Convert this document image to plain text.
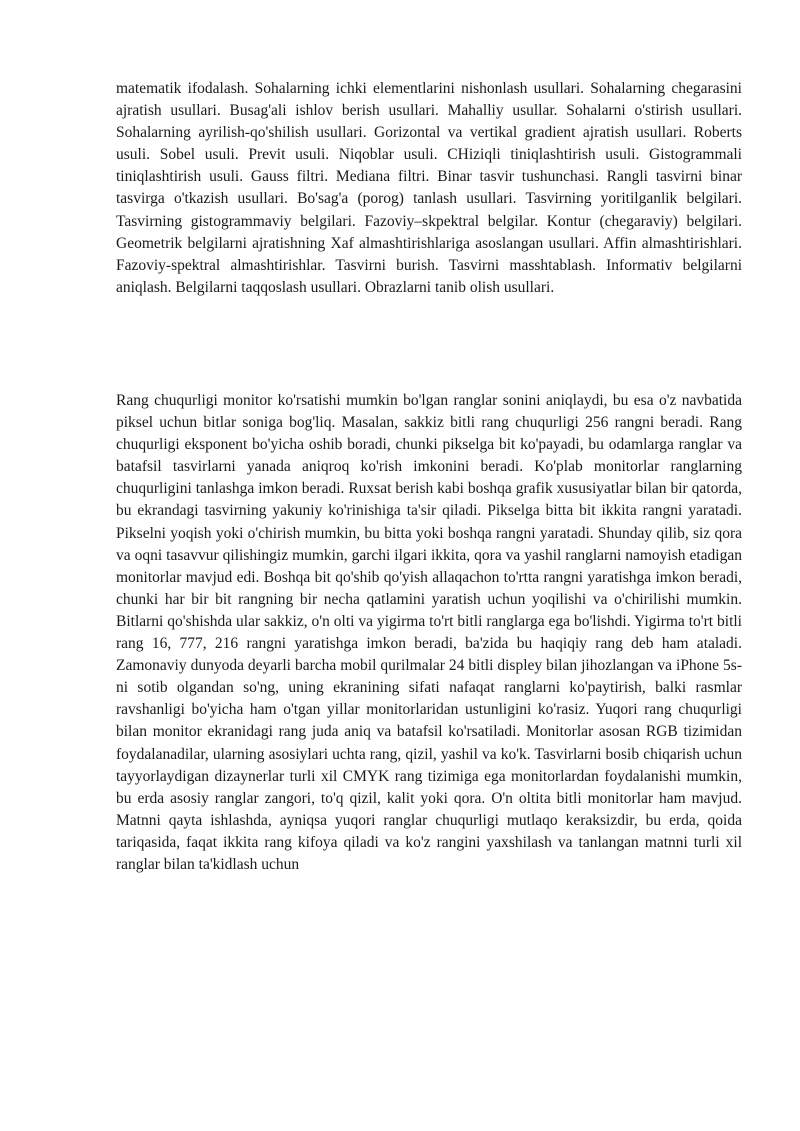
matematik ifodalash. Sohalarning ichki elementlarini nishonlash usullari. Sohalarning chegarasini ajratish usullari. Busag'ali ishlov berish usullari. Mahalliy usullar. Sohalarni o'stirish usullari. Sohalarning ayrilish-qo'shilish usullari. Gorizontal va vertikal gradient ajratish usullari. Roberts usuli. Sobel usuli. Previt usuli. Niqoblar usuli. CHiziqli tiniqlashtirish usuli. Gistogrammali tiniqlashtirish usuli. Gauss filtri. Mediana filtri. Binar tasvir tushunchasi. Rangli tasvirni binar tasvirga o'tkazish usullari. Bo'sag'a (porog) tanlash usullari. Tasvirning yoritilganlik belgilari. Tasvirning gistogrammaviy belgilari. Fazoviy–skpektral belgilar. Kontur (chegaraviy) belgilari. Geometrik belgilarni ajratishning Xaf almashtirishlariga asoslangan usullari. Affin almashtirishlari. Fazoviy-spektral almashtirishlar. Tasvirni burish. Tasvirni masshtablash. Informativ belgilarni aniqlash. Belgilarni taqqoslash usullari. Obrazlarni tanib olish usullari.

Rang chuqurligi monitor ko'rsatishi mumkin bo'lgan ranglar sonini aniqlaydi, bu esa o'z navbatida piksel uchun bitlar soniga bog'liq. Masalan, sakkiz bitli rang chuqurligi 256 rangni beradi. Rang chuqurligi eksponent bo'yicha oshib boradi, chunki pikselga bit ko'payadi, bu odamlarga ranglar va batafsil tasvirlarni yanada aniqroq ko'rish imkonini beradi. Ko'plab monitorlar ranglarning chuqurligini tanlashga imkon beradi. Ruxsat berish kabi boshqa grafik xususiyatlar bilan bir qatorda, bu ekrandagi tasvirning yakuniy ko'rinishiga ta'sir qiladi. Pikselga bitta bit ikkita rangni yaratadi. Pikselni yoqish yoki o'chirish mumkin, bu bitta yoki boshqa rangni yaratadi. Shunday qilib, siz qora va oqni tasavvur qilishingiz mumkin, garchi ilgari ikkita, qora va yashil ranglarni namoyish etadigan monitorlar mavjud edi. Boshqa bit qo'shib qo'yish allaqachon to'rtta rangni yaratishga imkon beradi, chunki har bir bit rangning bir necha qatlamini yaratish uchun yoqilishi va o'chirilishi mumkin. Bitlarni qo'shishda ular sakkiz, o'n olti va yigirma to'rt bitli ranglarga ega bo'lishdi. Yigirma to'rt bitli rang 16, 777, 216 rangni yaratishga imkon beradi, ba'zida bu haqiqiy rang deb ham ataladi. Zamonaviy dunyoda deyarli barcha mobil qurilmalar 24 bitli displey bilan jihozlangan va iPhone 5s-ni sotib olgandan so'ng, uning ekranining sifati nafaqat ranglarni ko'paytirish, balki rasmlar ravshanligi bo'yicha ham o'tgan yillar monitorlaridan ustunligini ko'rasiz. Yuqori rang chuqurligi bilan monitor ekranidagi rang juda aniq va batafsil ko'rsatiladi. Monitorlar asosan RGB tizimidan foydalanadilar, ularning asosiylari uchta rang, qizil, yashil va ko'k. Tasvirlarni bosib chiqarish uchun tayyorlaydigan dizaynerlar turli xil CMYK rang tizimiga ega monitorlardan foydalanishi mumkin, bu erda asosiy ranglar zangori, to'q qizil, kalit yoki qora. O'n oltita bitli monitorlar ham mavjud. Matnni qayta ishlashda, ayniqsa yuqori ranglar chuqurligi mutlaqo keraksizdir, bu erda, qoida tariqasida, faqat ikkita rang kifoya qiladi va ko'z rangini yaxshilash va tanlangan matnni turli xil ranglar bilan ta'kidlash uchun
